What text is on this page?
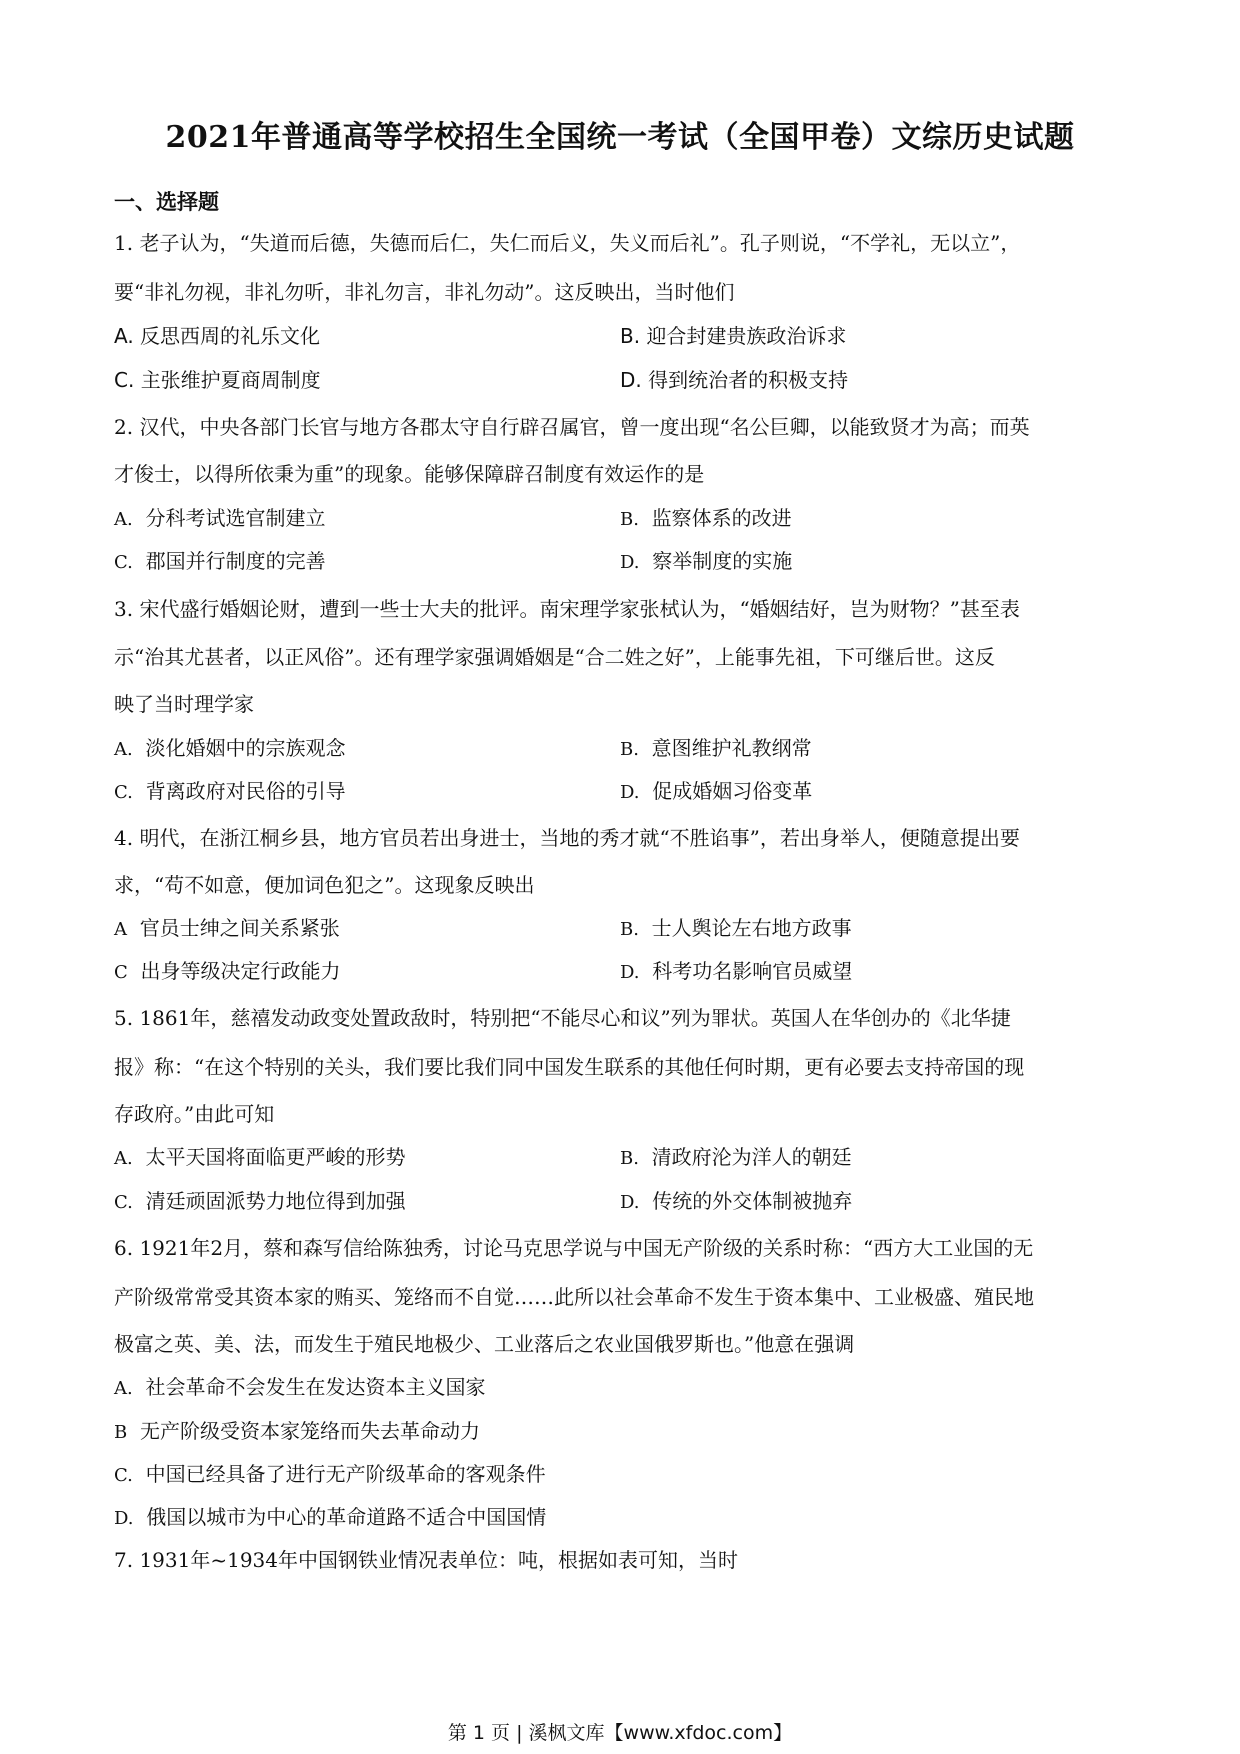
2021年普通高等学校招生全国统一考试（全国甲卷）文综历史试题
一、选择题
1. 老子认为，“失道而后德，失德而后仁，失仁而后义，失义而后礼”。孔子则说，“不学礼，无以立”，
要“非礼勿视，非礼勿听，非礼勿言，非礼勿动”。这反映出，当时他们
A. 反思西周的礼乐文化	B. 迎合封建贵族政治诉求
C. 主张维护夏商周制度	D. 得到统治者的积极支持
2. 汉代，中央各部门长官与地方各郡太守自行辟召属官，曾一度出现“名公巨卿，以能致贤才为高；而英
才俊士，以得所依秉为重”的现象。能够保障辟召制度有效运作的是
A. 分科考试选官制建立	B. 监察体系的改进
C. 郡国并行制度的完善	D. 察举制度的实施
3. 宋代盛行婚姻论财，遭到一些士大夫的批评。南宋理学家张栻认为，“婚姻结好，岂为财物？”甚至表
示“治其尤甚者，以正风俗”。还有理学家强调婚姻是“合二姓之好”，上能事先祖，下可继后世。这反
映了当时理学家
A. 淡化婚姻中的宗族观念	B. 意图维护礼教纲常
C. 背离政府对民俗的引导	D. 促成婚姻习俗变革
4. 明代，在浙江桐乡县，地方官员若出身进士，当地的秀才就“不胜谄事”，若出身举人，便随意提出要
求，“苟不如意，便加词色犯之”。这现象反映出
A 官员士绅之间关系紧张	B. 士人舆论左右地方政事
C 出身等级决定行政能力	D. 科考功名影响官员威望
5. 1861年，慈禧发动政变处置政敌时，特别把“不能尽心和议”列为罪状。英国人在华创办的《北华捷
报》称：“在这个特别的关头，我们要比我们同中国发生联系的其他任何时期，更有必要去支持帝国的现
存政府。”由此可知
A. 太平天国将面临更严峻的形势	B. 清政府沦为洋人的朝廷
C. 清廷顽固派势力地位得到加强	D. 传统的外交体制被抛弃
6. 1921年2月，蔡和森写信给陈独秀，讨论马克思学说与中国无产阶级的关系时称：“西方大工业国的无
产阶级常常受其资本家的贿买、笼络而不自觉……此所以社会革命不发生于资本集中、工业极盛、殖民地
极富之英、美、法，而发生于殖民地极少、工业落后之农业国俄罗斯也。”他意在强调
A. 社会革命不会发生在发达资本主义国家
B 无产阶级受资本家笼络而失去革命动力
C. 中国已经具备了进行无产阶级革命的客观条件
D. 俄国以城市为中心的革命道路不适合中国国情
7. 1931年~1934年中国钢铁业情况表单位：吨，根据如表可知，当时
第 1 页 | 溪枫文库【www.xfdoc.com】
